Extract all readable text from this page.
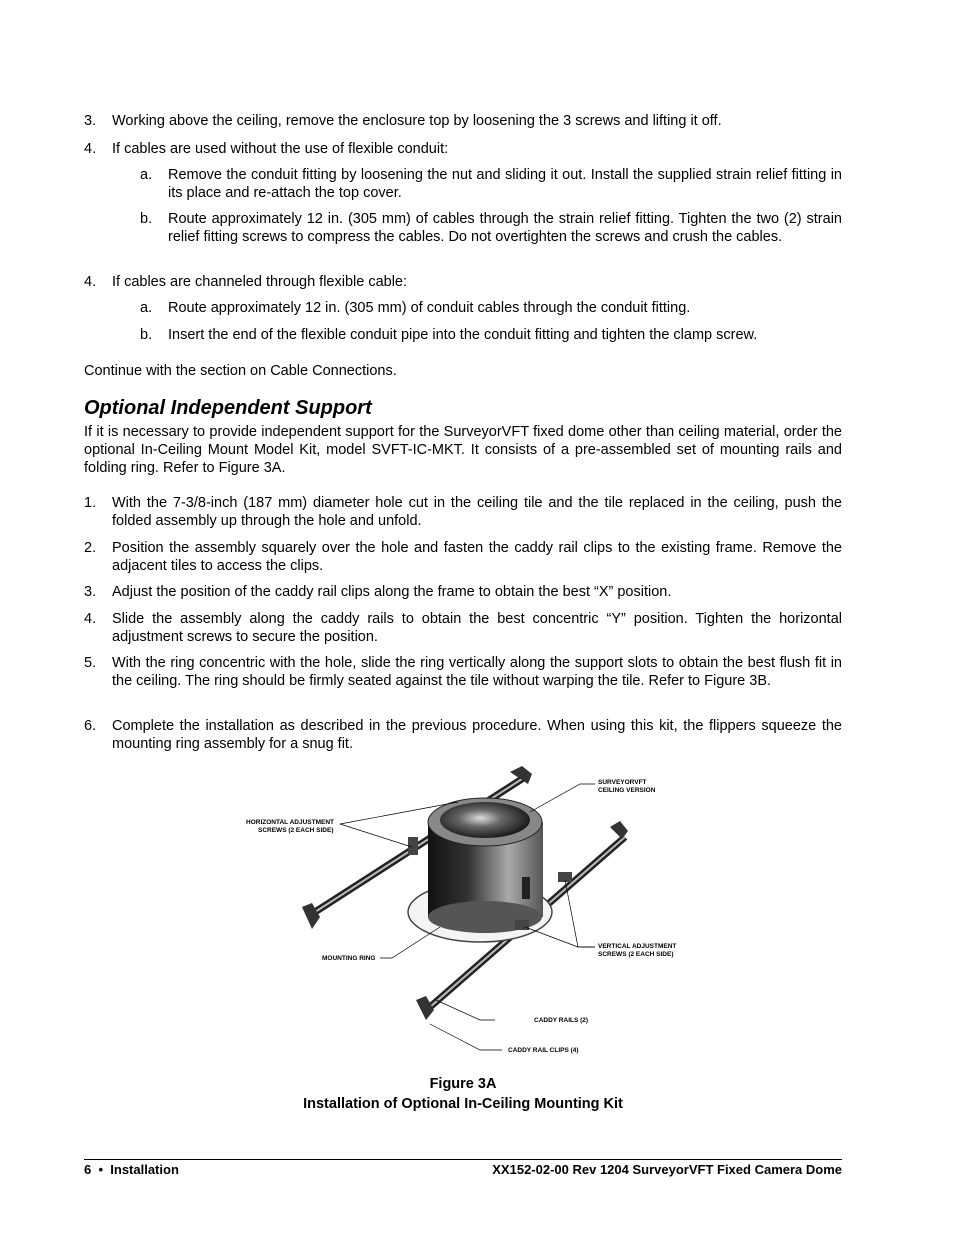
3. Working above the ceiling, remove the enclosure top by loosening the 3 screws and lifting it off.
4. If cables are used without the use of flexible conduit:
a. Remove the conduit fitting by loosening the nut and sliding it out. Install the supplied strain relief fitting in its place and re-attach the top cover.
b. Route approximately 12 in. (305 mm) of cables through the strain relief fitting. Tighten the two (2) strain relief fitting screws to compress the cables. Do not overtighten the screws and crush the cables.
4. If cables are channeled through flexible cable:
a. Route approximately 12 in. (305 mm) of conduit cables through the conduit fitting.
b. Insert the end of the flexible conduit pipe into the conduit fitting and tighten the clamp screw.
Continue with the section on Cable Connections.
Optional Independent Support
If it is necessary to provide independent support for the SurveyorVFT fixed dome other than ceiling material, order the optional In-Ceiling Mount Model Kit, model SVFT-IC-MKT. It consists of a pre-assembled set of mounting rails and folding ring. Refer to Figure 3A.
1. With the 7-3/8-inch (187 mm) diameter hole cut in the ceiling tile and the tile replaced in the ceiling, push the folded assembly up through the hole and unfold.
2. Position the assembly squarely over the hole and fasten the caddy rail clips to the existing frame. Remove the adjacent tiles to access the clips.
3. Adjust the position of the caddy rail clips along the frame to obtain the best “X” position.
4. Slide the assembly along the caddy rails to obtain the best concentric “Y” position. Tighten the horizontal adjustment screws to secure the position.
5. With the ring concentric with the hole, slide the ring vertically along the support slots to obtain the best flush fit in the ceiling. The ring should be firmly seated against the tile without warping the tile. Refer to Figure 3B.
6. Complete the installation as described in the previous procedure. When using this kit, the flippers squeeze the mounting ring assembly for a snug fit.
SURVEYORVFT
CEILING VERSION
HORIZONTAL ADJUSTMENT
SCREWS (2 EACH SIDE)
VERTICAL ADJUSTMENT
SCREWS (2 EACH SIDE)
MOUNTING RING
CADDY RAILS (2)
CADDY RAIL CLIPS (4)
Figure 3A
Installation of Optional In-Ceiling Mounting Kit
6 • Installation	XX152-02-00 Rev 1204 SurveyorVFT Fixed Camera Dome
